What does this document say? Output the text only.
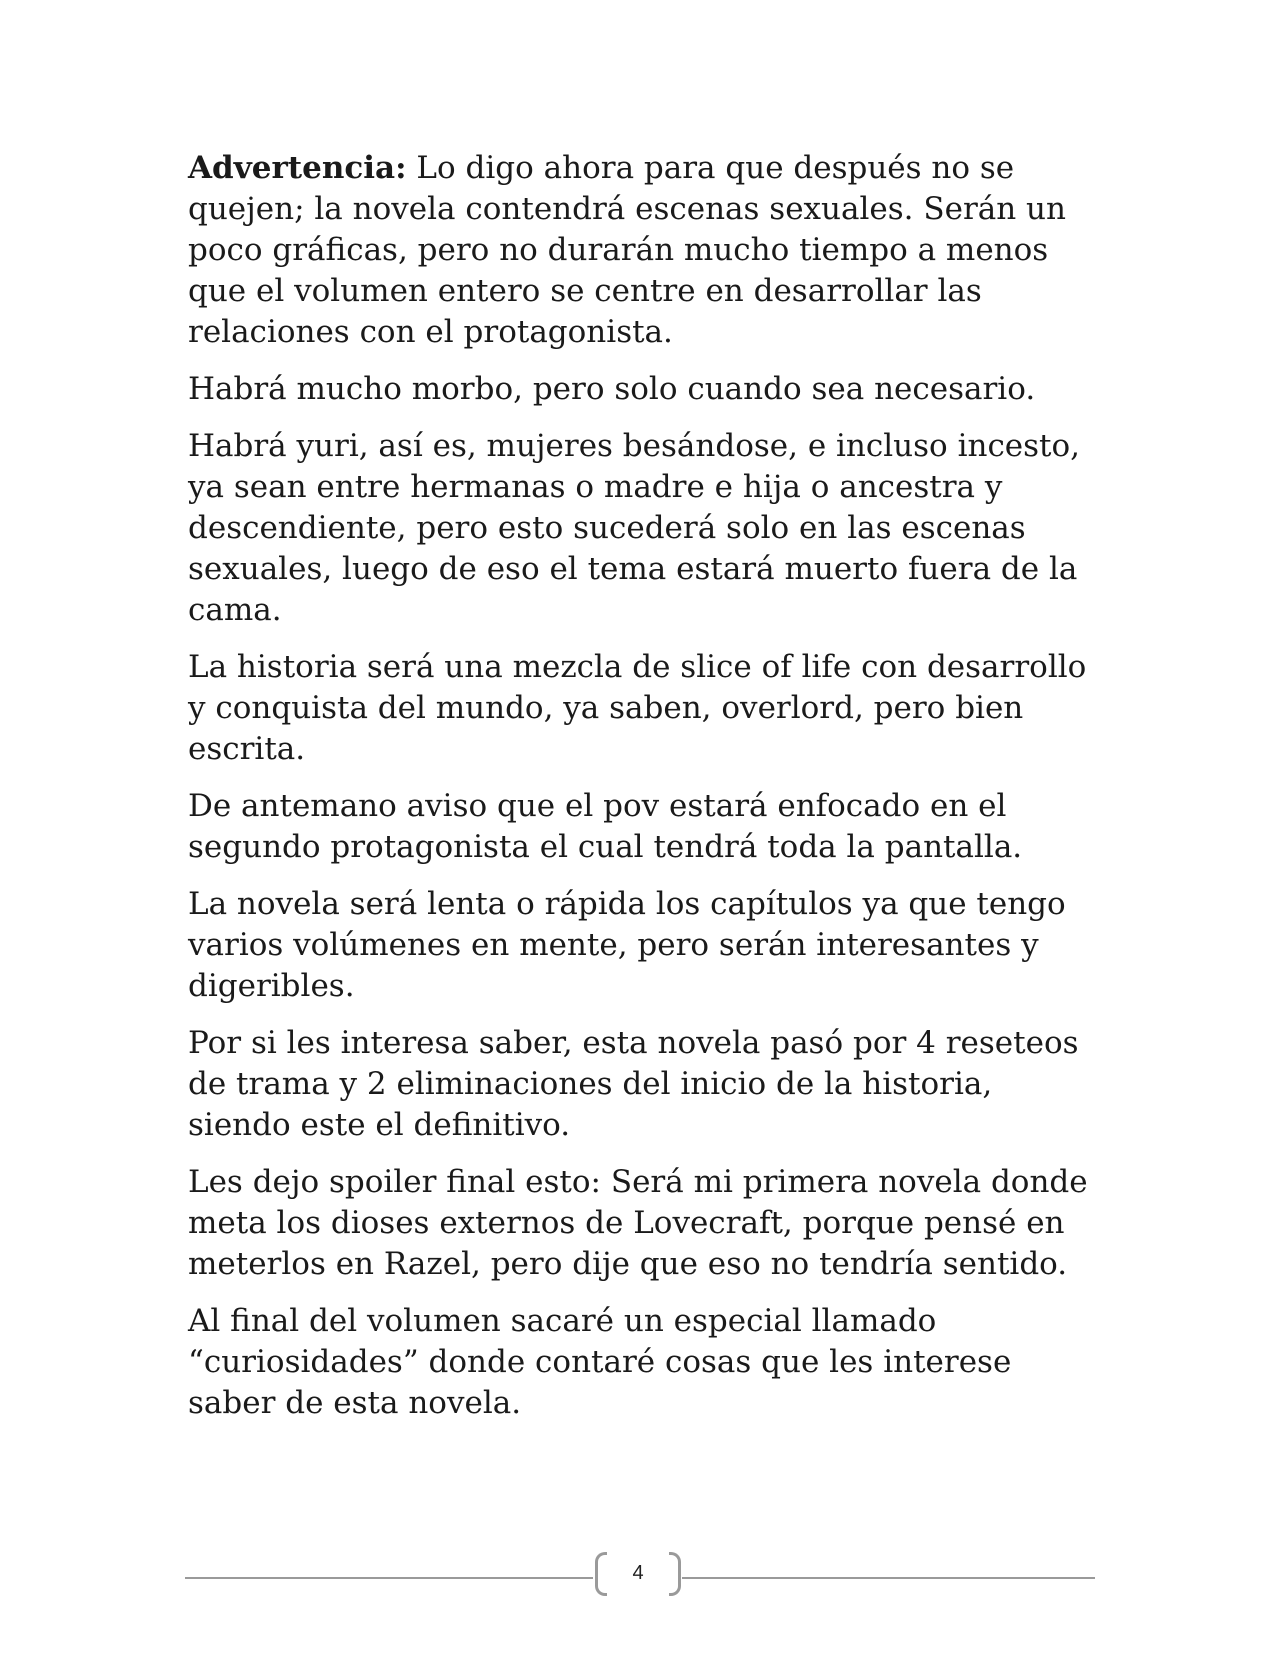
Advertencia: Lo digo ahora para que después no se quejen; la novela contendrá escenas sexuales. Serán un poco gráficas, pero no durarán mucho tiempo a menos que el volumen entero se centre en desarrollar las relaciones con el protagonista.

Habrá mucho morbo, pero solo cuando sea necesario.

Habrá yuri, así es, mujeres besándose, e incluso incesto, ya sean entre hermanas o madre e hija o ancestra y descendiente, pero esto sucederá solo en las escenas sexuales, luego de eso el tema estará muerto fuera de la cama.

La historia será una mezcla de slice of life con desarrollo y conquista del mundo, ya saben, overlord, pero bien escrita.

De antemano aviso que el pov estará enfocado en el segundo protagonista el cual tendrá toda la pantalla.

La novela será lenta o rápida los capítulos ya que tengo varios volúmenes en mente, pero serán interesantes y digeribles.

Por si les interesa saber, esta novela pasó por 4 reseteos de trama y 2 eliminaciones del inicio de la historia, siendo este el definitivo.

Les dejo spoiler final esto: Será mi primera novela donde meta los dioses externos de Lovecraft, porque pensé en meterlos en Razel, pero dije que eso no tendría sentido.

Al final del volumen sacaré un especial llamado “curiosidades” donde contaré cosas que les interese saber de esta novela.

4
